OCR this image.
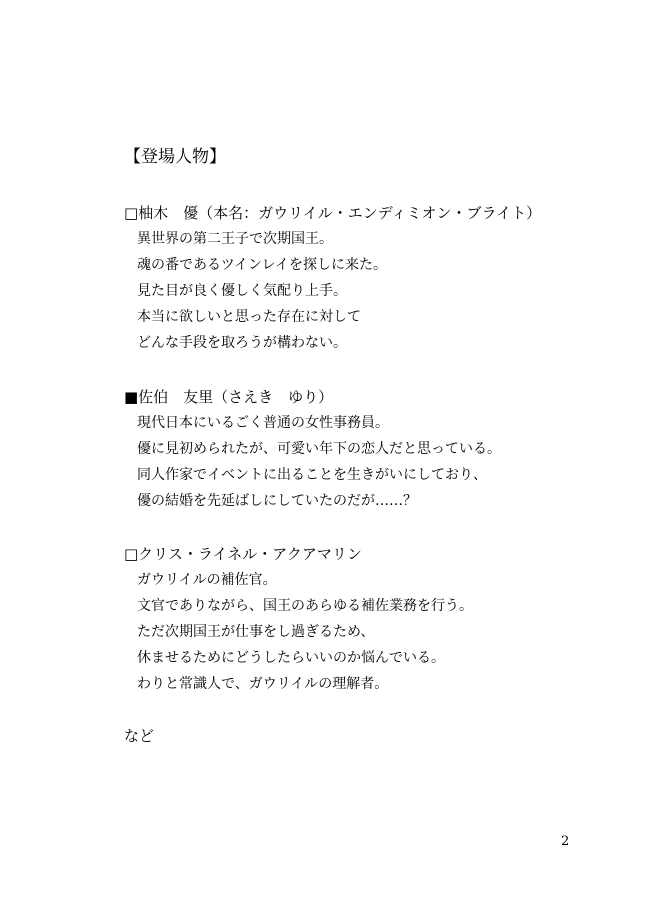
【登場人物】
□柚木　優（本名：ガウリイル・エンディミオン・ブライト）
異世界の第二王子で次期国王。
魂の番であるツインレイを探しに来た。
見た目が良く優しく気配り上手。
本当に欲しいと思った存在に対して
どんな手段を取ろうが構わない。
■佐伯　友里（さえき　ゆり）
現代日本にいるごく普通の女性事務員。
優に見初められたが、可愛い年下の恋人だと思っている。
同人作家でイベントに出ることを生きがいにしており、
優の結婚を先延ばしにしていたのだが……？
□クリス・ライネル・アクアマリン
ガウリイルの補佐官。
文官でありながら、国王のあらゆる補佐業務を行う。
ただ次期国王が仕事をし過ぎるため、
休ませるためにどうしたらいいのか悩んでいる。
わりと常識人で、ガウリイルの理解者。
など
2
